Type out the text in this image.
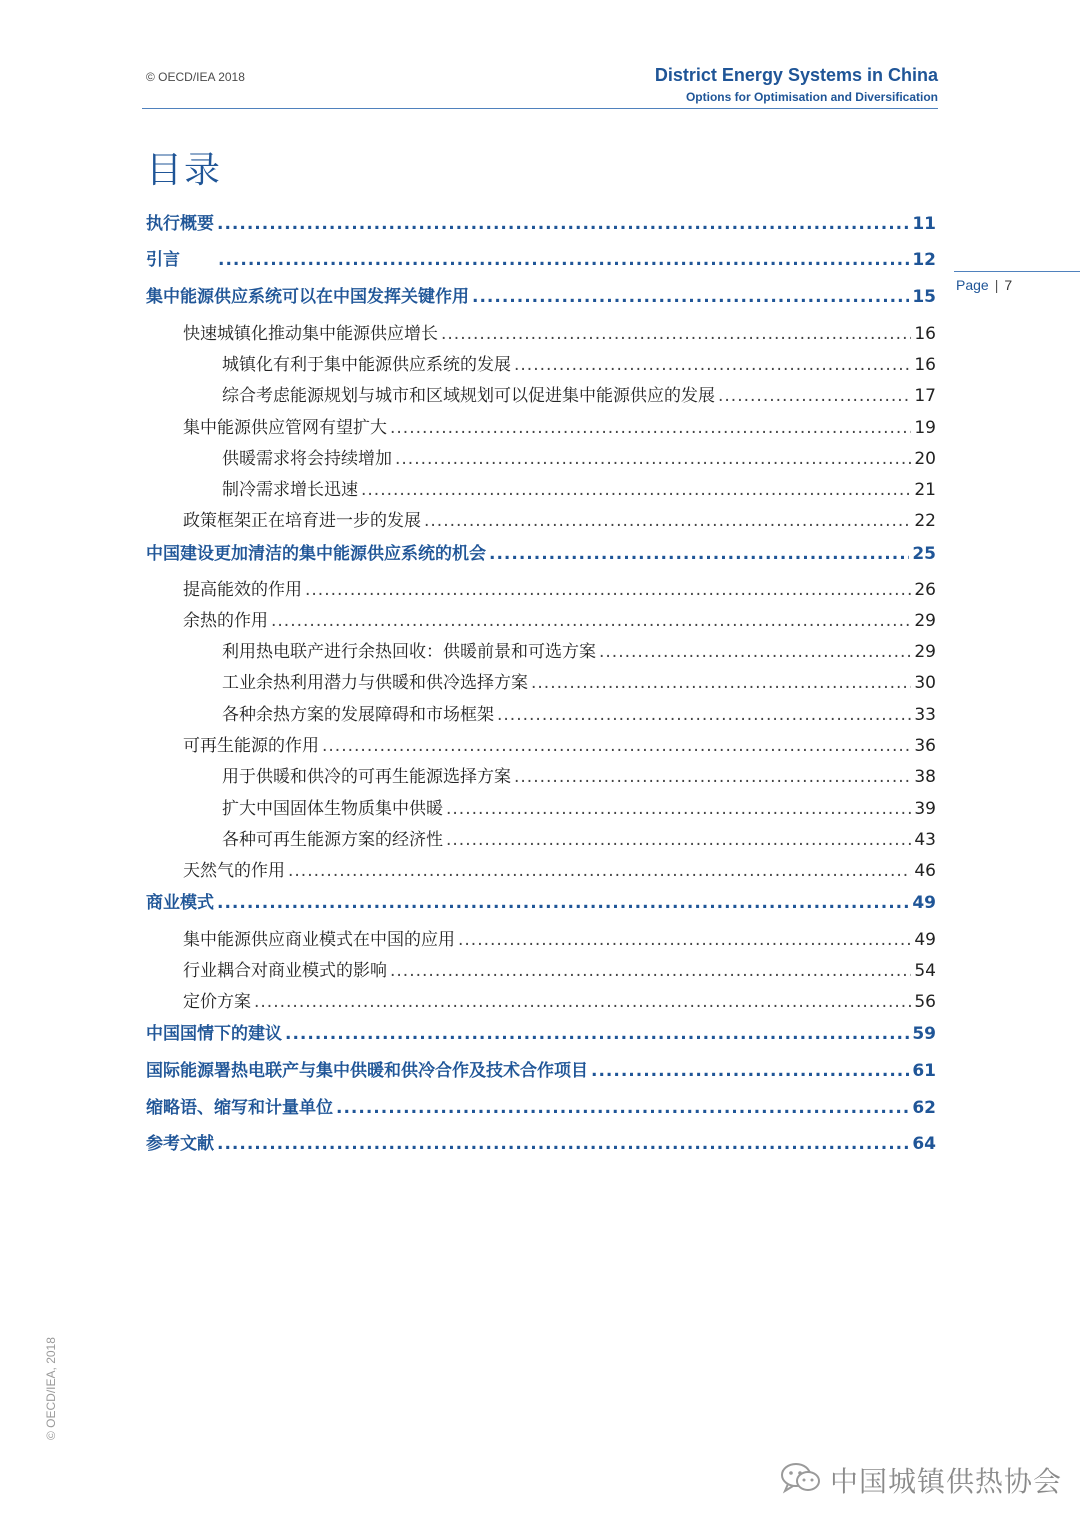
© OECD/IEA 2018	District Energy Systems in China
Options for Optimisation and Diversification
Page | 7
目录
执行概要 .....	11
引言 .....	12
集中能源供应系统可以在中国发挥关键作用 .....	15
快速城镇化推动集中能源供应增长 .....	16
城镇化有利于集中能源供应系统的发展 .....	16
综合考虑能源规划与城市和区域规划可以促进集中能源供应的发展 .....	17
集中能源供应管网有望扩大 .....	19
供暖需求将会持续增加 .....	20
制冷需求增长迅速 .....	21
政策框架正在培育进一步的发展 .....	22
中国建设更加清洁的集中能源供应系统的机会 .....	25
提高能效的作用 .....	26
余热的作用 .....	29
利用热电联产进行余热回收：供暖前景和可选方案 .....	29
工业余热利用潜力与供暖和供冷选择方案 .....	30
各种余热方案的发展障碍和市场框架 .....	33
可再生能源的作用 .....	36
用于供暖和供冷的可再生能源选择方案 .....	38
扩大中国固体生物质集中供暖 .....	39
各种可再生能源方案的经济性 .....	43
天然气的作用 .....	46
商业模式 .....	49
集中能源供应商业模式在中国的应用 .....	49
行业耦合对商业模式的影响 .....	54
定价方案 .....	56
中国国情下的建议 .....	59
国际能源署热电联产与集中供暖和供冷合作及技术合作项目 .....	61
缩略语、缩写和计量单位 .....	62
参考文献 .....	64
© OECD/IEA, 2018
中国城镇供热协会
